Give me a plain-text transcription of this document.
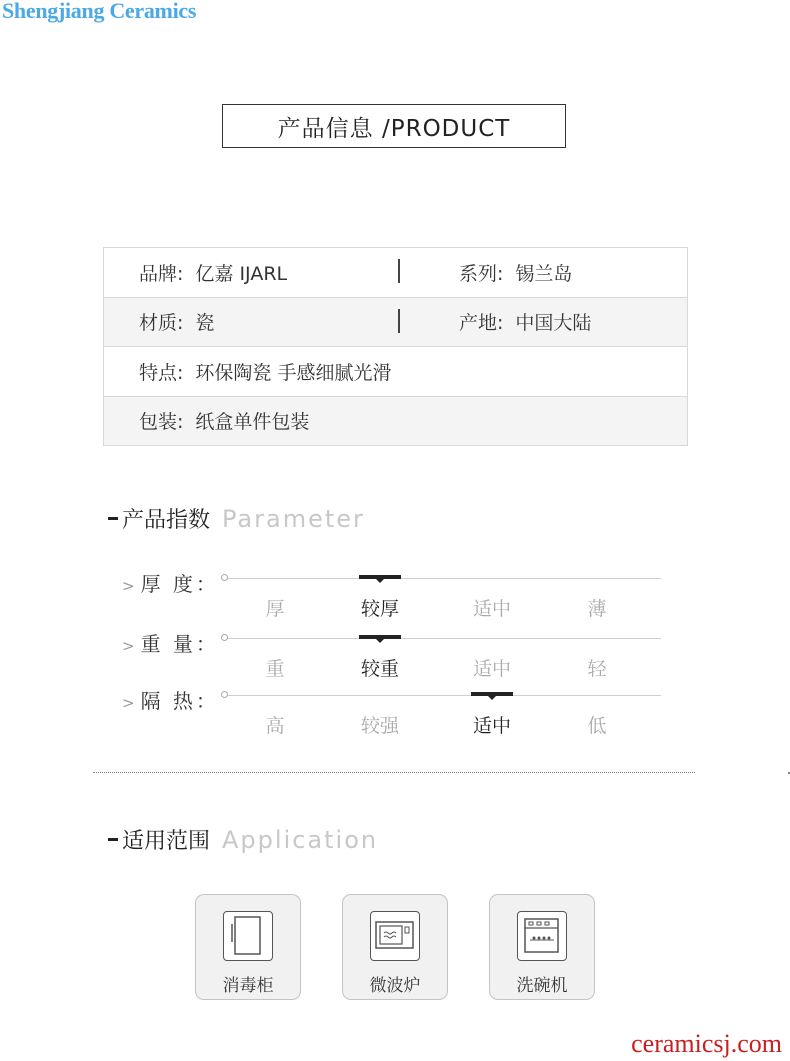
Shengjiang Ceramics
产品信息 /PRODUCT
品牌: 亿嘉 IJARL	系列: 锡兰岛
材质: 瓷	产地: 中国大陆
特点: 环保陶瓷 手感细腻光滑
包装: 纸盒单件包装
产品指数 Parameter
> 厚 度：
厚	较厚	适中	薄
> 重 量：
重	较重	适中	轻
> 隔 热：
高	较强	适中	低
适用范围 Application
消毒柜	微波炉	洗碗机
ceramicsj.com
